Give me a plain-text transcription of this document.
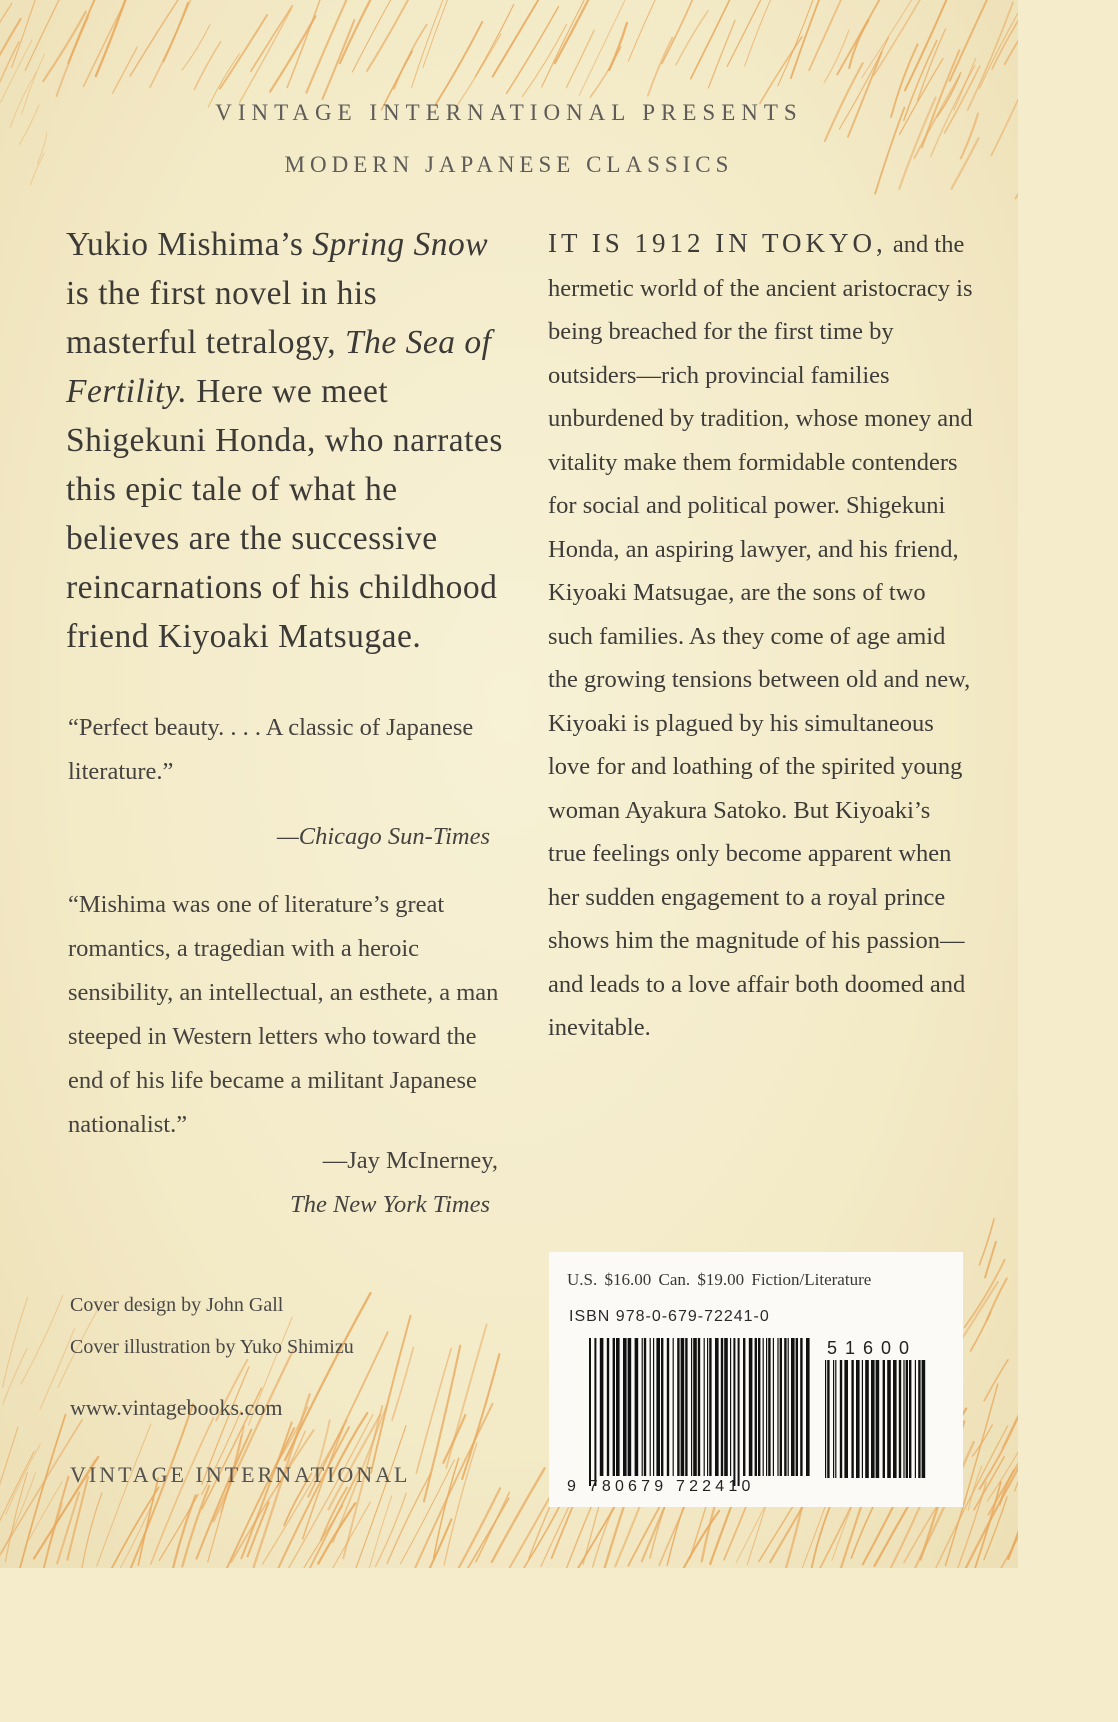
VINTAGE INTERNATIONAL PRESENTS
MODERN JAPANESE CLASSICS
Yukio Mishima’s Spring Snow is the first novel in his masterful tetralogy, The Sea of Fertility. Here we meet Shigekuni Honda, who narrates this epic tale of what he believes are the successive reincarnations of his childhood friend Kiyoaki Matsugae.
“Perfect beauty. . . . A classic of Japanese literature.”
—Chicago Sun-Times
“Mishima was one of literature’s great romantics, a tragedian with a heroic sensibility, an intellectual, an esthete, a man steeped in Western letters who toward the end of his life became a militant Japanese nationalist.”
—Jay McInerney,
The New York Times
IT IS 1912 IN TOKYO, and the hermetic world of the ancient aristocracy is being breached for the first time by outsiders—rich provincial families unburdened by tradition, whose money and vitality make them formidable contenders for social and political power. Shigekuni Honda, an aspiring lawyer, and his friend, Kiyoaki Matsugae, are the sons of two such families. As they come of age amid the growing tensions between old and new, Kiyoaki is plagued by his simultaneous love for and loathing of the spirited young woman Ayakura Satoko. But Kiyoaki’s true feelings only become apparent when her sudden engagement to a royal prince shows him the magnitude of his passion—and leads to a love affair both doomed and inevitable.
Cover design by John Gall
Cover illustration by Yuko Shimizu
www.vintagebooks.com
VINTAGE INTERNATIONAL
U.S. $16.00 Can. $19.00 Fiction/Literature
ISBN 978-0-679-72241-0
51600
9 780679 722410
